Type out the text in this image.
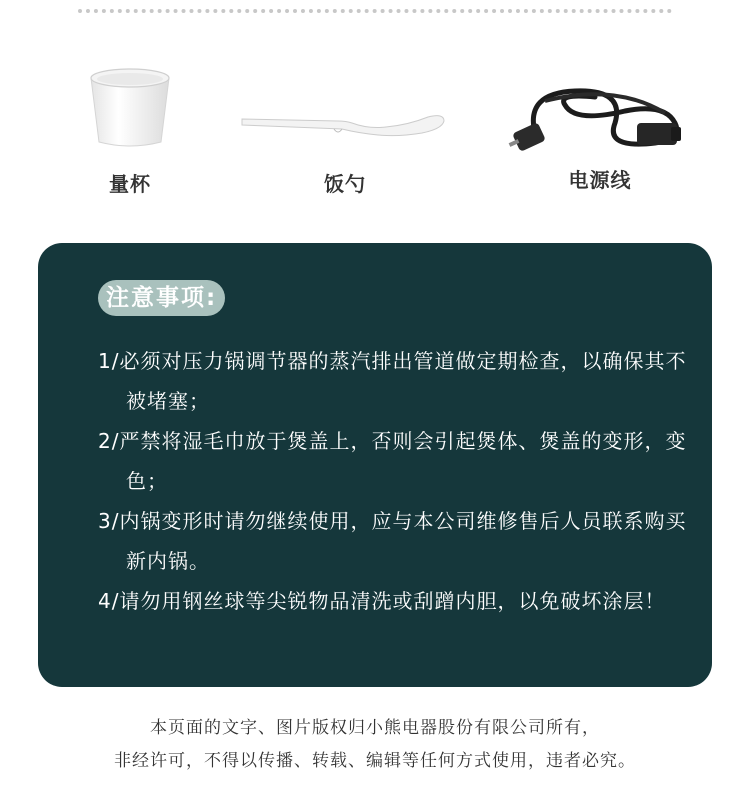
量杯	饭勺	电源线
注意事项:
1/必须对压力锅调节器的蒸汽排出管道做定期检查，以确保其不被堵塞；
2/严禁将湿毛巾放于煲盖上，否则会引起煲体、煲盖的变形，变色；
3/内锅变形时请勿继续使用，应与本公司维修售后人员联系购买新内锅。
4/请勿用钢丝球等尖锐物品清洗或刮蹭内胆，以免破坏涂层！
本页面的文字、图片版权归小熊电器股份有限公司所有，
非经许可，不得以传播、转载、编辑等任何方式使用，违者必究。
